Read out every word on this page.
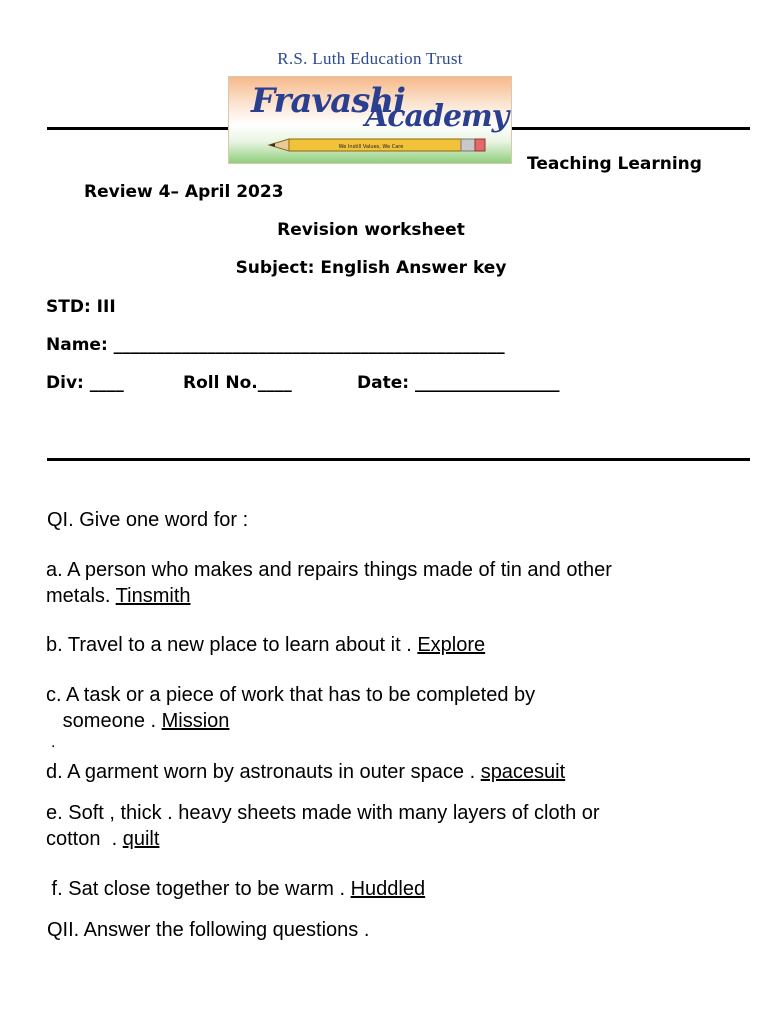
R.S. Luth Education Trust
Fravashi
Academy
We Instill Values, We Care
Teaching Learning
Review 4– April 2023
Revision worksheet
Subject: English Answer key
STD: III
Name: ______________________________________________
Div: ____	Roll No.____	Date: _________________
QI. Give one word for :
a. A person who makes and repairs things made of tin and other
metals. Tinsmith
b. Travel to a new place to learn about it . Explore
c. A task or a piece of work that has to be completed by
someone . Mission
.
d. A garment worn by astronauts in outer space . spacesuit
e. Soft , thick . heavy sheets made with many layers of cloth or
cotton  . quilt
f. Sat close together to be warm . Huddled
QII. Answer the following questions .
